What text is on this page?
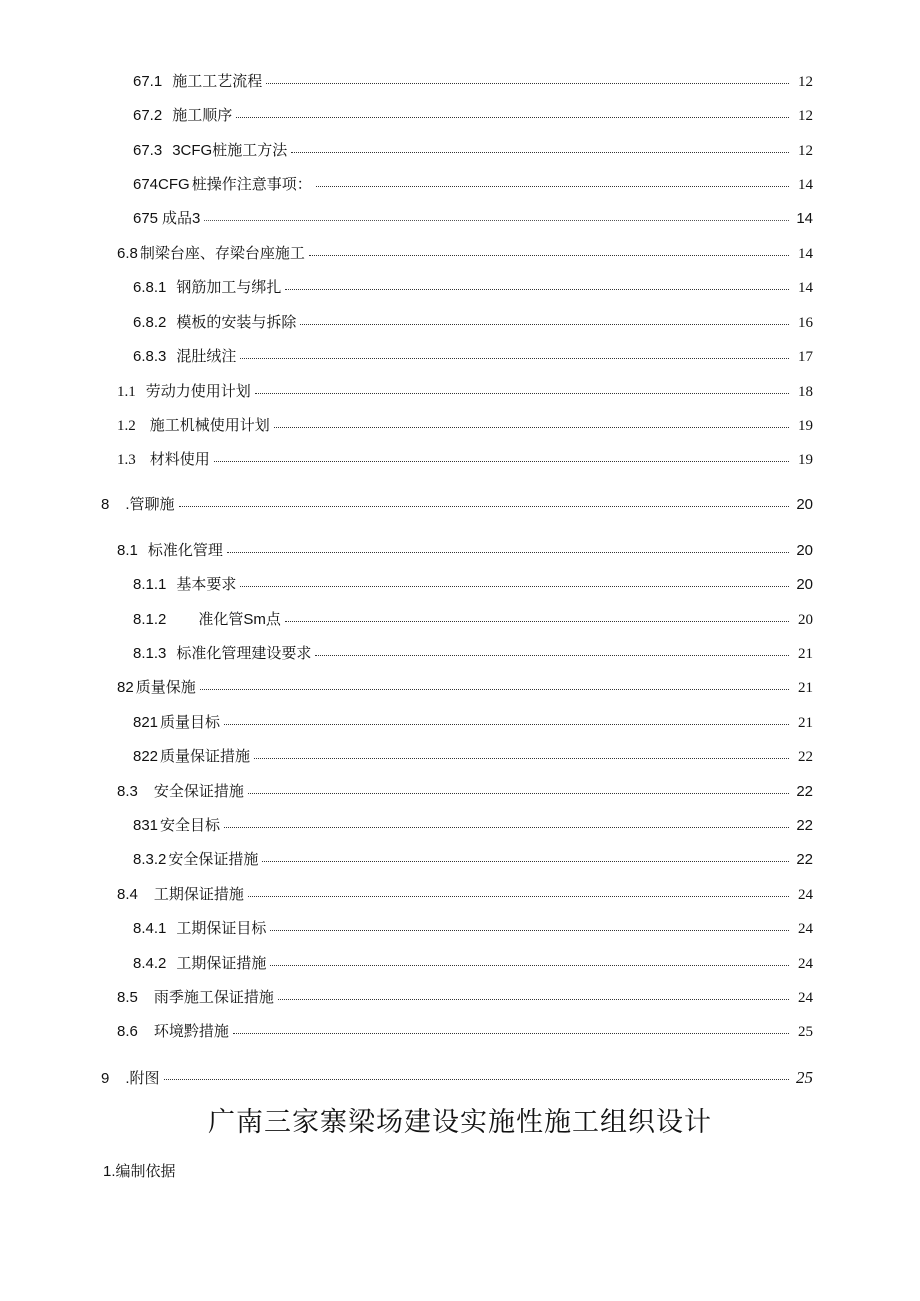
67.1 施工工艺流程	12
67.2 施工顺序	12
67.3 3CFG桩施工方法	12
674CFG 桩操作注意事项：	14
675 成品3	14
6.8 制梁台座、存梁台座施工	14
6.8.1 钢筋加工与绑扎	14
6.8.2 模板的安装与拆除	16
6.8.3 混肚绒注	17
1.1 劳动力使用计划	18
1.2 施工机械使用计划	19
1.3 材料使用	19
8 .管聊施	20
8.1 标准化管理	20
8.1.1 基本要求	20
8.1.2 准化管Sm点	20
8.1.3 标准化管理建设要求	21
82 质量保施	21
821 质量目标	21
822 质量保证措施	22
8.3 安全保证措施	22
831 安全目标	22
8.3.2 安全保证措施	22
8.4 工期保证措施	24
8.4.1 工期保证目标	24
8.4.2 工期保证措施	24
8.5 雨季施工保证措施	24
8.6 环境黔措施	25
9 .附图	25
广南三家寨梁场建设实施性施工组织设计
1.编制依据
